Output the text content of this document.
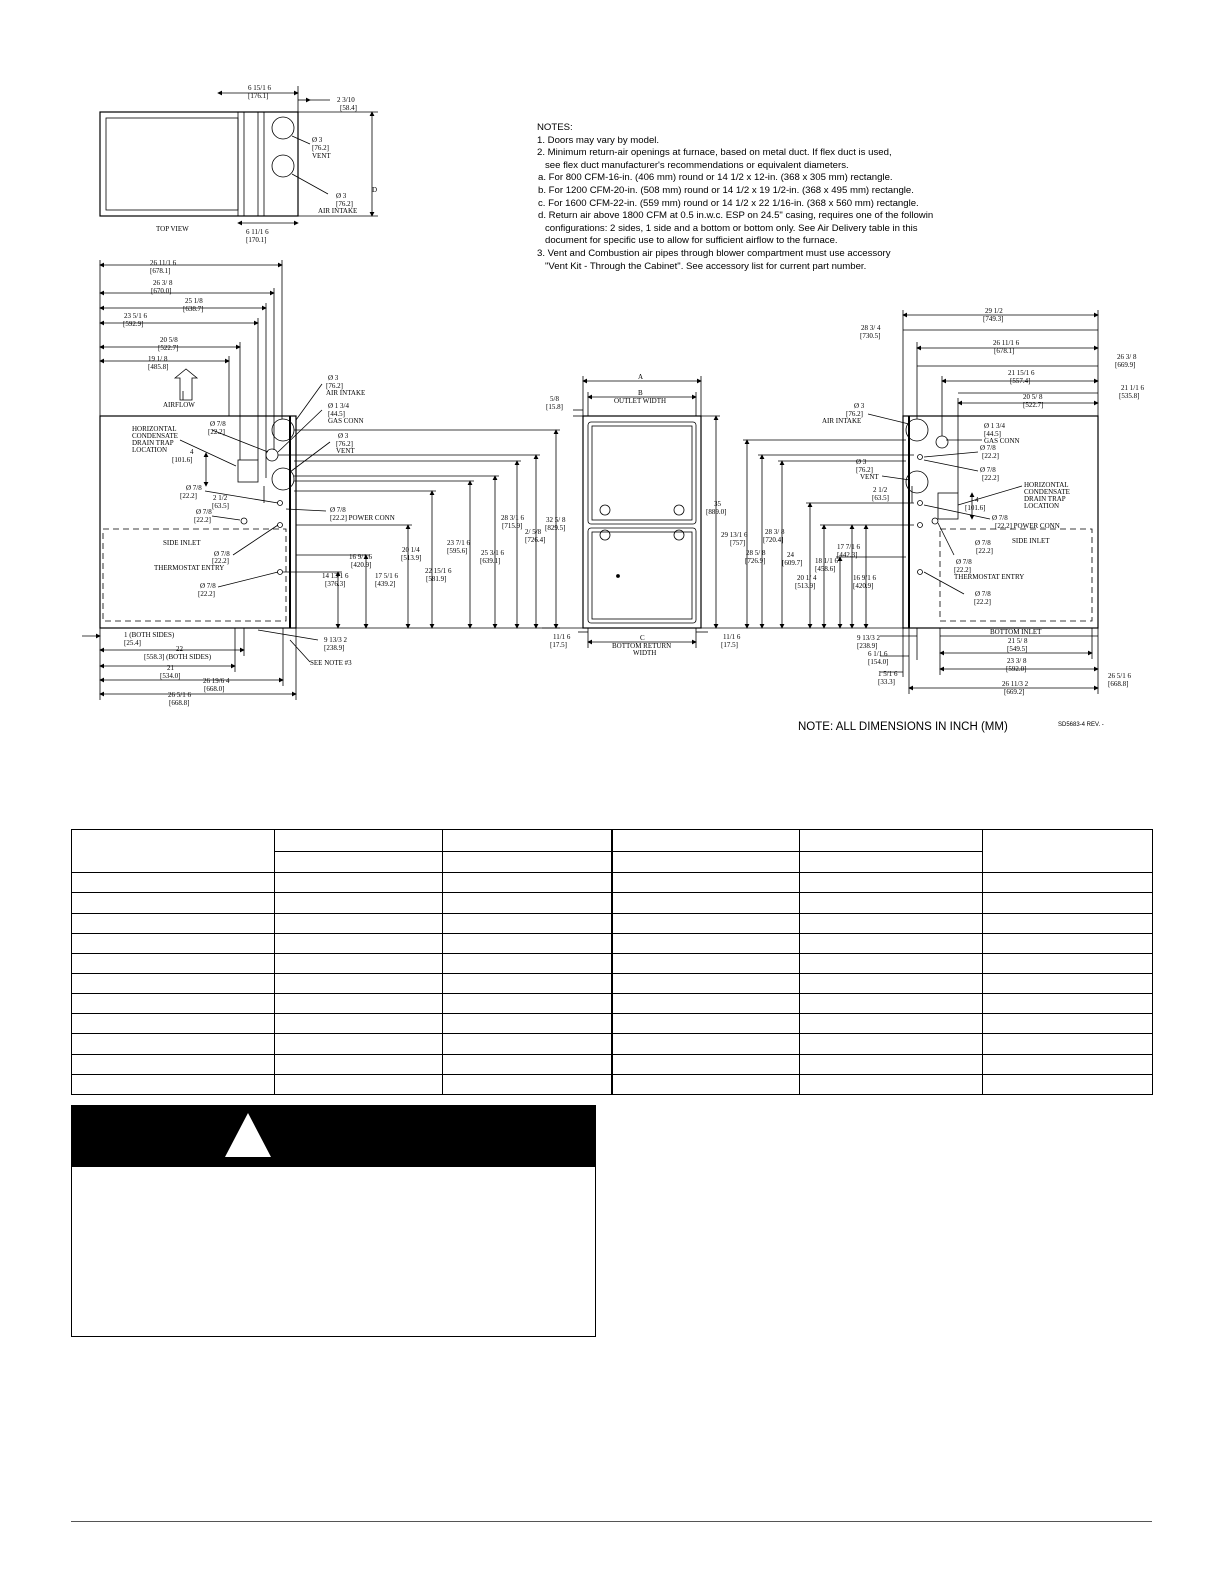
6 15/1 6
[176.1]	2 3/10
[58.4]
Ø 3
[76.2]
VENT
Ø 3
[76.2]
AIR INTAKE
D
TOP VIEW	6 11/1 6
[170.1]
26 11/1 6
[678.1]
26 3/ 8
[670.0]
25 1/8
[638.7]
23 5/1 6
[592.9]
20 5/8
[522.7]
19 1/ 8
[485.8]
AIRFLOW
Ø 3
[76.2]
AIR INTAKE
Ø 1 3/4
[44.5]
GAS CONN
Ø 3
[76.2]
VENT
Ø 7/8
[22.2]
HORIZONTAL
CONDENSATE
DRAIN TRAP
LOCATION	4
[101.6]
Ø 7/8
[22.2] 2 1/2
[63.5]
Ø 7/8
[22.2]
Ø 7/8
[22.2] POWER CONN
SIDE INLET
Ø 7/8
[22.2]
THERMOSTAT ENTRY
Ø 7/8
[22.2]
14 13/1 6
[376.3]
16 9/1 6
[420.9]
17 5/1 6
[439.2]
20 1/4
[513.9]
22 15/1 6
[581.9]
23 7/1 6
[595.6] 25 3/1 6
[639.1]
28 3/1 6
[715.9]
2/ 5/8
[726.4]
32 5/ 8
[829.5]
1 (BOTH SIDES)
[25.4]
22
[558.3] (BOTH SIDES)
21
[534.0]
26 19/6 4
[668.0]
26 5/1 6
[668.8]
9 13/3 2
[238.9]
SEE NOTE #3
A
B
OUTLET WIDTH
5/8
[15.8]
35
[889.0]
C
BOTTOM RETURN
WIDTH
11/1 6
[17.5]
11/1 6
[17.5]
29 1/2
[749.3]
28 3/ 4
[730.5]
26 11/1 6
[678.1]
26 3/ 8
[669.9]
21 15/1 6
[557.4]
21 1/1 6
[535.8]
20 5/ 8
[522.7]
Ø 3
[76.2]
AIR INTAKE
Ø 1 3/4
[44.5]
GAS CONN
Ø 7/8
[22.2]
Ø 3
[76.2]
VENT
Ø 7/8
[22.2]
2 1/2
[63.5]
HORIZONTAL
CONDENSATE
DRAIN TRAP
LOCATION
4
[101.6]
Ø 7/8
[22.2] POWER CONN
SIDE INLET
Ø 7/8
[22.2]
Ø 7/8
[22.2]
THERMOSTAT ENTRY
Ø 7/8
[22.2]
29 13/1 6
[757]
28 5/ 8
[726.9]
28 3/ 8
[720.4]
24
[609.7]
20 1/ 4
[513.9]
18 1/1 6
[458.6]
17 7/1 6
[442.3]
16 9/1 6
[420.9]
9 13/3 2
[238.9]
6 1/1 6
[154.0]
1 5/1 6
[33.3]
BOTTOM INLET
21 5/ 8
[549.5]
23 3/ 8
[592.0]
26 11/3 2
[669.2]
26 5/1 6
[668.8]
NOTES:
1. Doors may vary by model.
2. Minimum return-air openings at furnace, based on metal duct. If flex duct is used,
see flex duct manufacturer's recommendations or equivalent diameters.
a. For 800 CFM-16-in. (406 mm) round or 14 1/2 x 12-in. (368 x 305 mm) rectangle.
b. For 1200 CFM-20-in. (508 mm) round or 14 1/2 x 19 1/2-in. (368 x 495 mm) rectangle.
c. For 1600 CFM-22-in. (559 mm) round or 14 1/2 x 22 1/16-in. (368 x 560 mm) rectangle.
d. Return air above 1800 CFM at 0.5 in.w.c. ESP on 24.5" casing, requires one of the followin
configurations: 2 sides, 1 side and a bottom or bottom only. See Air Delivery table in this
document for specific use to allow for sufficient airflow to the furnace.
3. Vent and Combustion air pipes through blower compartment must use accessory
"Vent Kit - Through the Cabinet". See accessory list for current part number.
NOTE: ALL DIMENSIONS IN INCH (MM)	SD5683-4 REV. -
